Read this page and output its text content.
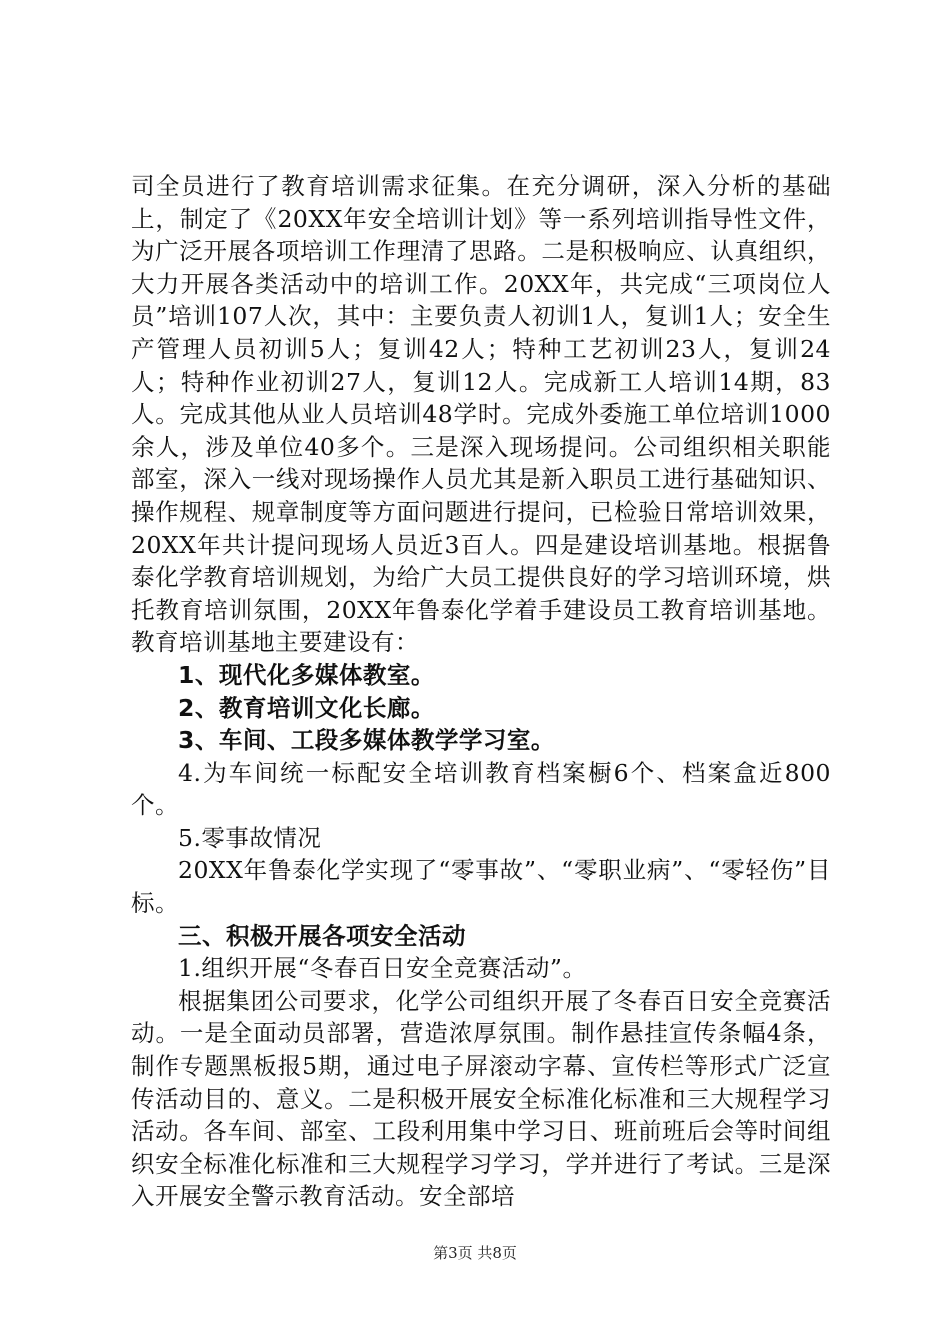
司全员进行了教育培训需求征集。在充分调研，深入分析的基础上，制定了《20XX年安全培训计划》等一系列培训指导性文件，为广泛开展各项培训工作理清了思路。二是积极响应、认真组织，大力开展各类活动中的培训工作。20XX年，共完成“三项岗位人员”培训107人次，其中：主要负责人初训1人，复训1人；安全生产管理人员初训5人；复训42人；特种工艺初训23人，复训24人；特种作业初训27人，复训12人。完成新工人培训14期，83人。完成其他从业人员培训48学时。完成外委施工单位培训1000余人，涉及单位40多个。三是深入现场提问。公司组织相关职能部室，深入一线对现场操作人员尤其是新入职员工进行基础知识、操作规程、规章制度等方面问题进行提问，已检验日常培训效果，20XX年共计提问现场人员近3百人。四是建设培训基地。根据鲁泰化学教育培训规划，为给广大员工提供良好的学习培训环境，烘托教育培训氛围，20XX年鲁泰化学着手建设员工教育培训基地。教育培训基地主要建设有：

1、现代化多媒体教室。

2、教育培训文化长廊。

3、车间、工段多媒体教学学习室。

4.为车间统一标配安全培训教育档案橱6个、档案盒近800个。

5.零事故情况

20XX年鲁泰化学实现了“零事故”、“零职业病”、“零轻伤”目标。

三、积极开展各项安全活动

1.组织开展“冬春百日安全竞赛活动”。

根据集团公司要求，化学公司组织开展了冬春百日安全竞赛活动。一是全面动员部署，营造浓厚氛围。制作悬挂宣传条幅4条，制作专题黑板报5期，通过电子屏滚动字幕、宣传栏等形式广泛宣传活动目的、意义。二是积极开展安全标准化标准和三大规程学习活动。各车间、部室、工段利用集中学习日、班前班后会等时间组织安全标准化标准和三大规程学习学习，学并进行了考试。三是深入开展安全警示教育活动。安全部培

第3页 共8页
